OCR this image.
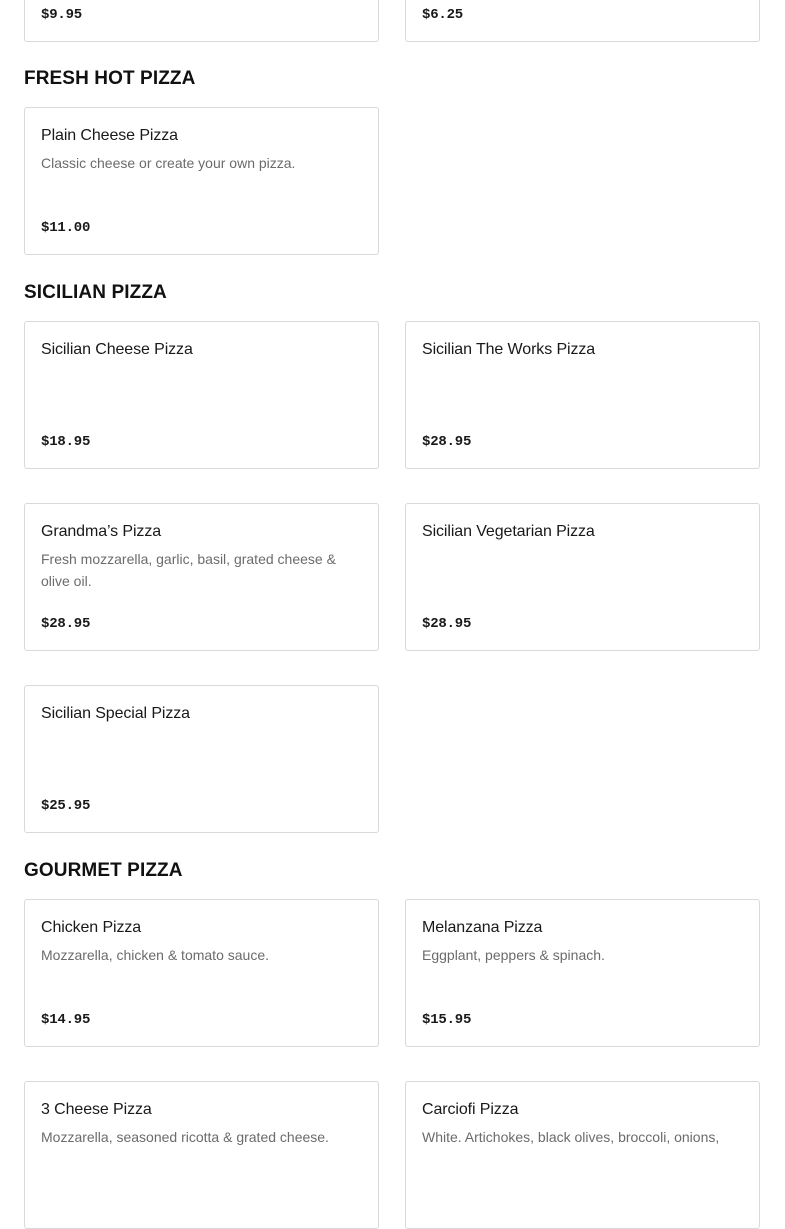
$9.95	$6.25
FRESH HOT PIZZA
Plain Cheese Pizza
Classic cheese or create your own pizza.
$11.00
SICILIAN PIZZA
Sicilian Cheese Pizza
$18.95
Sicilian The Works Pizza
$28.95
Grandma’s Pizza
Fresh mozzarella, garlic, basil, grated cheese & olive oil.
$28.95
Sicilian Vegetarian Pizza
$28.95
Sicilian Special Pizza
$25.95
GOURMET PIZZA
Chicken Pizza
Mozzarella, chicken & tomato sauce.
$14.95
Melanzana Pizza
Eggplant, peppers & spinach.
$15.95
3 Cheese Pizza
Mozzarella, seasoned ricotta & grated cheese.
Carciofi Pizza
White. Artichokes, black olives, broccoli, onions,
